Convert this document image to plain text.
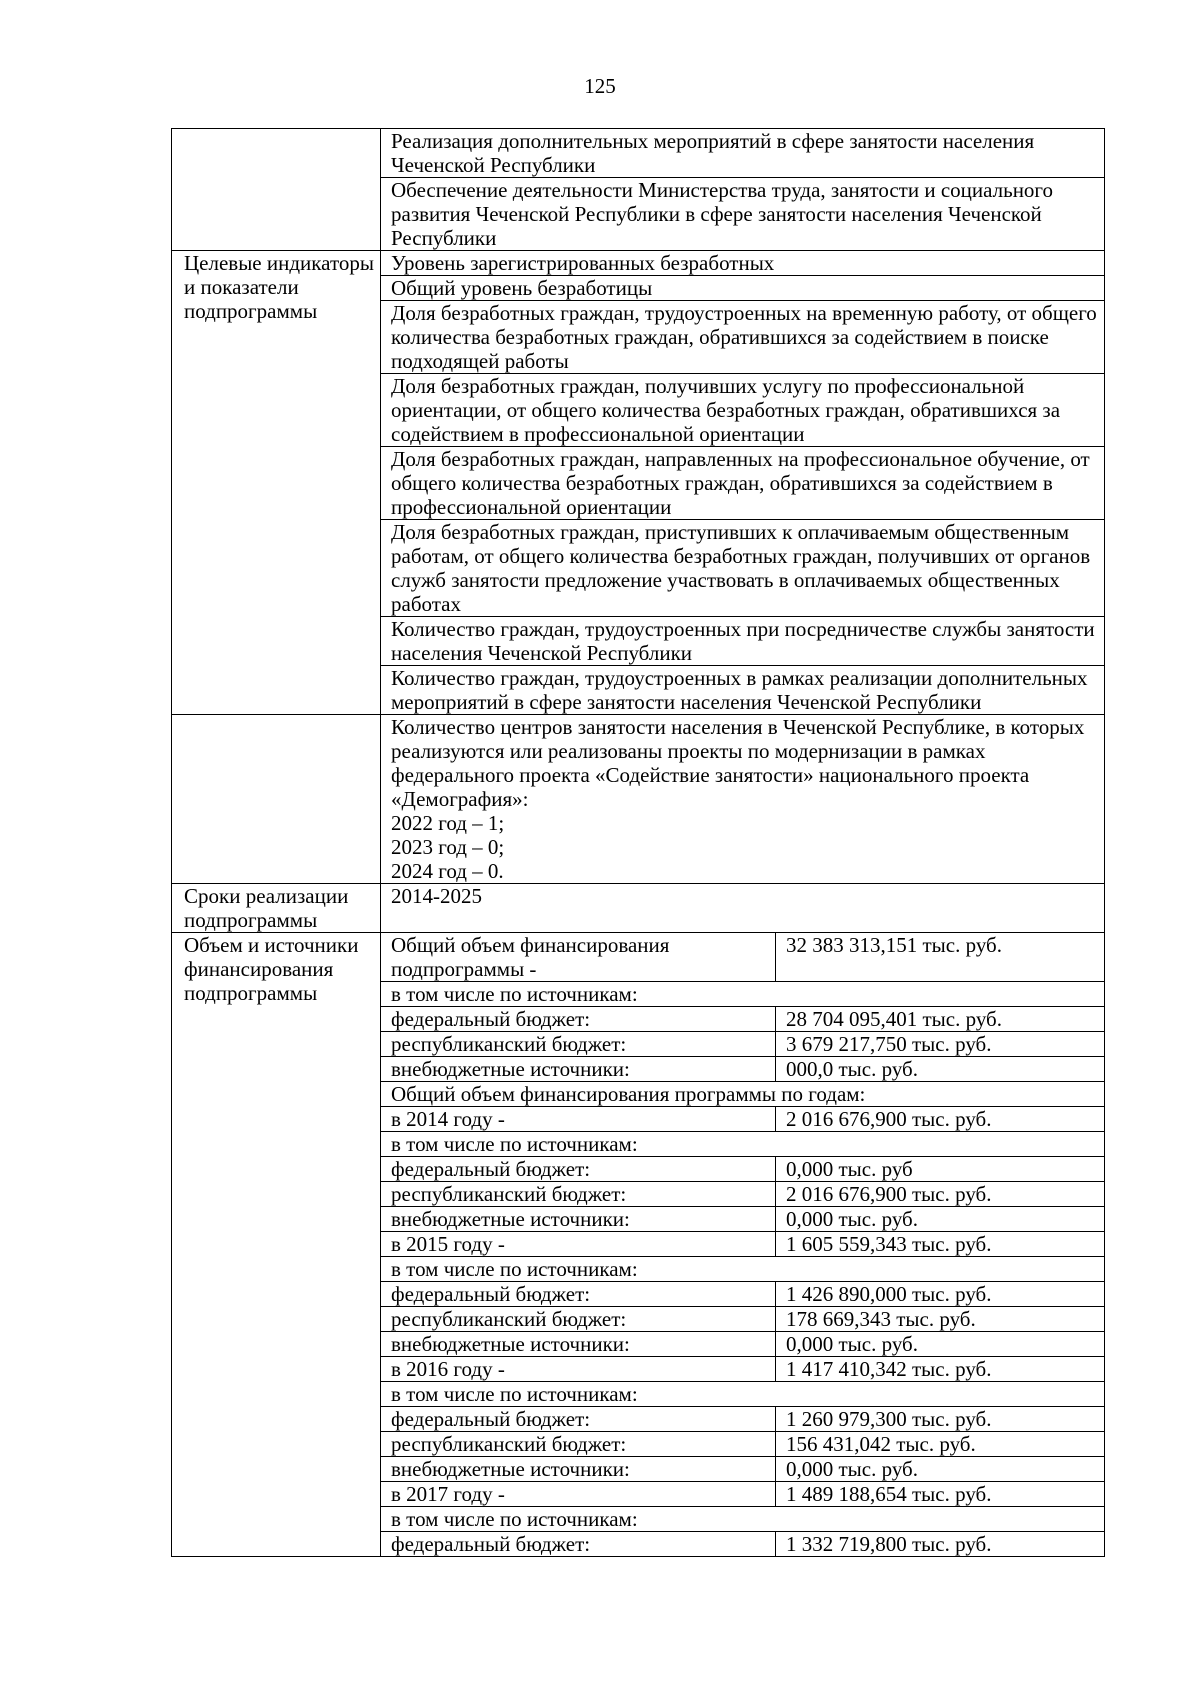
125
	Реализация дополнительных мероприятий в сфере занятости населения Чеченской Республики	
	Обеспечение деятельности Министерства труда, занятости и социального развития Чеченской Республики в сфере занятости населения Чеченской Республики	
Целевые индикаторы и показатели подпрограммы	Уровень зарегистрированных безработных	
	Общий уровень безработицы	
	Доля безработных граждан, трудоустроенных на временную работу, от общего количества безработных граждан, обратившихся за содействием в поиске подходящей работы	
	Доля безработных граждан, получивших услугу по профессиональной ориентации, от общего количества безработных граждан, обратившихся за содействием в профессиональной ориентации	
	Доля безработных граждан, направленных на профессиональное обучение, от общего количества безработных граждан, обратившихся за содействием в профессиональной ориентации	
	Доля безработных граждан, приступивших к оплачиваемым общественным работам, от общего количества безработных граждан, получивших от органов служб занятости предложение участвовать в оплачиваемых общественных работах	
	Количество граждан, трудоустроенных при посредничестве службы занятости населения Чеченской Республики	
	Количество граждан, трудоустроенных в рамках реализации дополнительных мероприятий в сфере занятости населения Чеченской Республики	

	Количество центров занятости населения в Чеченской Республике, в которых реализуются или реализованы проекты по модернизации в рамках федерального проекта «Содействие занятости» национального проекта «Демография»:
2022 год – 1;
2023 год – 0;
2024 год – 0.	

Сроки реализации подпрограммы	2014-2025	
Объем и источники финансирования подпрограммы	Общий объем финансирования подпрограммы -	32 383 313,151 тыс. руб.
	в том числе по источникам:	
	федеральный бюджет:	28 704 095,401 тыс. руб.
	республиканский бюджет:	3 679 217,750 тыс. руб.
	внебюджетные источники:	000,0 тыс. руб.
	Общий объем финансирования программы по годам:	
	в 2014 году -	2 016 676,900 тыс. руб.
	в том числе по источникам:	
	федеральный бюджет:	0,000 тыс. руб
	республиканский бюджет:	2 016 676,900 тыс. руб.
	внебюджетные источники:	0,000 тыс. руб.
	в 2015 году -	1 605 559,343 тыс. руб.
	в том числе по источникам:	
	федеральный бюджет:	1 426 890,000 тыс. руб.
	республиканский бюджет:	178 669,343 тыс. руб.
	внебюджетные источники:	0,000 тыс. руб.
	в 2016 году -	1 417 410,342 тыс. руб.
	в том числе по источникам:	
	федеральный бюджет:	1 260 979,300 тыс. руб.
	республиканский бюджет:	156 431,042 тыс. руб.
	внебюджетные источники:	0,000 тыс. руб.
	в 2017 году -	1 489 188,654 тыс. руб.
	в том числе по источникам:	
	федеральный бюджет:	1 332 719,800 тыс. руб.
